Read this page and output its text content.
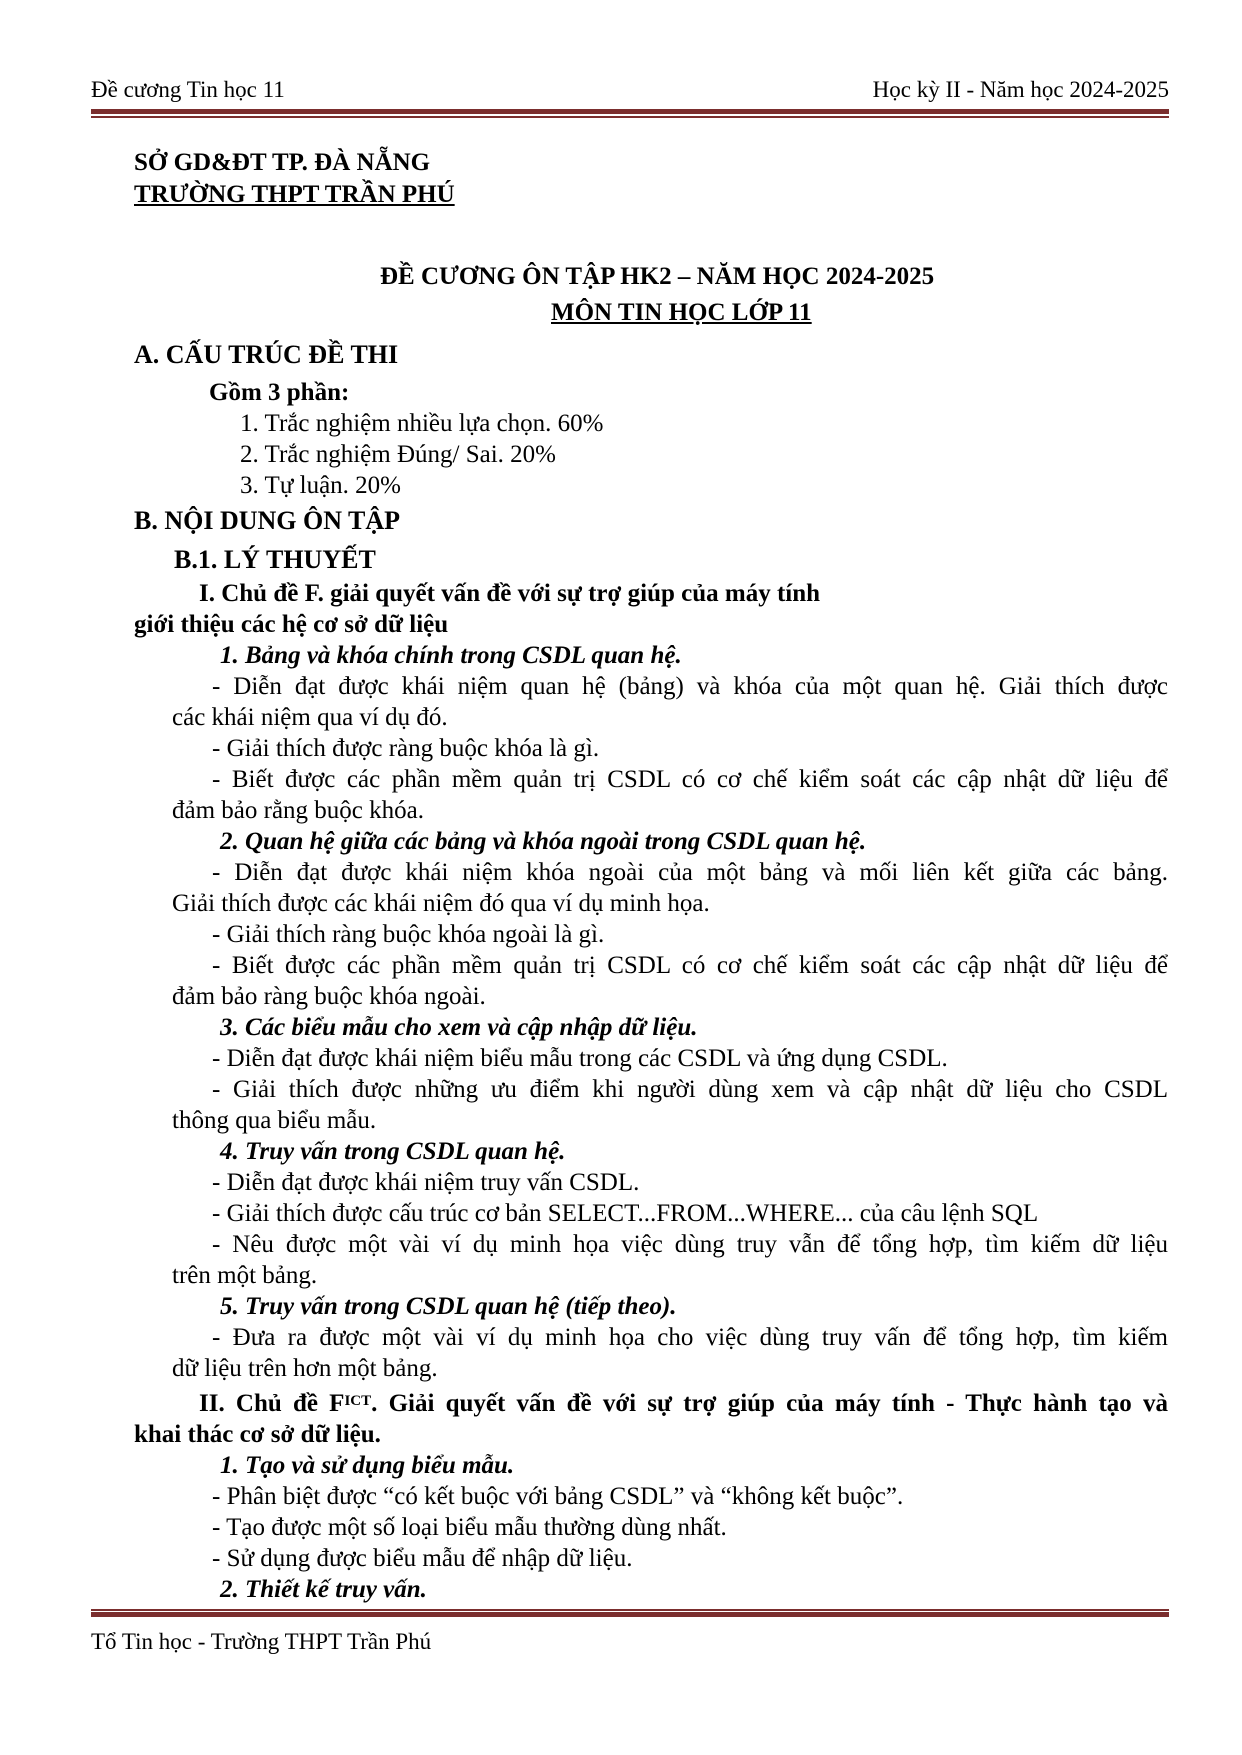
Đề cương Tin học 11	Học kỳ II - Năm học 2024-2025
SỞ GD&ĐT TP. ĐÀ NẴNG
TRƯỜNG THPT TRẦN PHÚ
ĐỀ CƯƠNG ÔN TẬP HK2 – NĂM HỌC 2024-2025
MÔN TIN HỌC LỚP 11
A. CẤU TRÚC ĐỀ THI
Gồm 3 phần:
1. Trắc nghiệm nhiều lựa chọn. 60%
2. Trắc nghiệm Đúng/ Sai. 20%
3. Tự luận. 20%
B. NỘI DUNG ÔN TẬP
B.1. LÝ THUYẾT
I. Chủ đề F. giải quyết vấn đề với sự trợ giúp của máy tính
giới thiệu các hệ cơ sở dữ liệu
1. Bảng và khóa chính trong CSDL quan hệ.
- Diễn đạt được khái niệm quan hệ (bảng) và khóa của một quan hệ. Giải thích được
các khái niệm qua ví dụ đó.
- Giải thích được ràng buộc khóa là gì.
- Biết được các phần mềm quản trị CSDL có cơ chế kiểm soát các cập nhật dữ liệu để
đảm bảo rằng buộc khóa.
2. Quan hệ giữa các bảng và khóa ngoài trong CSDL quan hệ.
- Diễn đạt được khái niệm khóa ngoài của một bảng và mối liên kết giữa các bảng.
Giải thích được các khái niệm đó qua ví dụ minh họa.
- Giải thích ràng buộc khóa ngoài là gì.
- Biết được các phần mềm quản trị CSDL có cơ chế kiểm soát các cập nhật dữ liệu để
đảm bảo ràng buộc khóa ngoài.
3. Các biểu mẫu cho xem và cập nhập dữ liệu.
- Diễn đạt được khái niệm biểu mẫu trong các CSDL và ứng dụng CSDL.
- Giải thích được những ưu điểm khi người dùng xem và cập nhật dữ liệu cho CSDL
thông qua biểu mẫu.
4. Truy vấn trong CSDL quan hệ.
- Diễn đạt được khái niệm truy vấn CSDL.
- Giải thích được cấu trúc cơ bản SELECT...FROM...WHERE... của câu lệnh SQL
- Nêu được một vài ví dụ minh họa việc dùng truy vẫn để tổng hợp, tìm kiếm dữ liệu
trên một bảng.
5. Truy vấn trong CSDL quan hệ (tiếp theo).
- Đưa ra được một vài ví dụ minh họa cho việc dùng truy vấn để tổng hợp, tìm kiếm
dữ liệu trên hơn một bảng.
II. Chủ đề $F^{ICT}$. Giải quyết vấn đề với sự trợ giúp của máy tính - Thực hành tạo và
khai thác cơ sở dữ liệu.
1. Tạo và sử dụng biểu mẫu.
- Phân biệt được “có kết buộc với bảng CSDL” và “không kết buộc”.
- Tạo được một số loại biểu mẫu thường dùng nhất.
- Sử dụng được biểu mẫu để nhập dữ liệu.
2. Thiết kế truy vấn.
Tổ Tin học - Trường THPT Trần Phú
